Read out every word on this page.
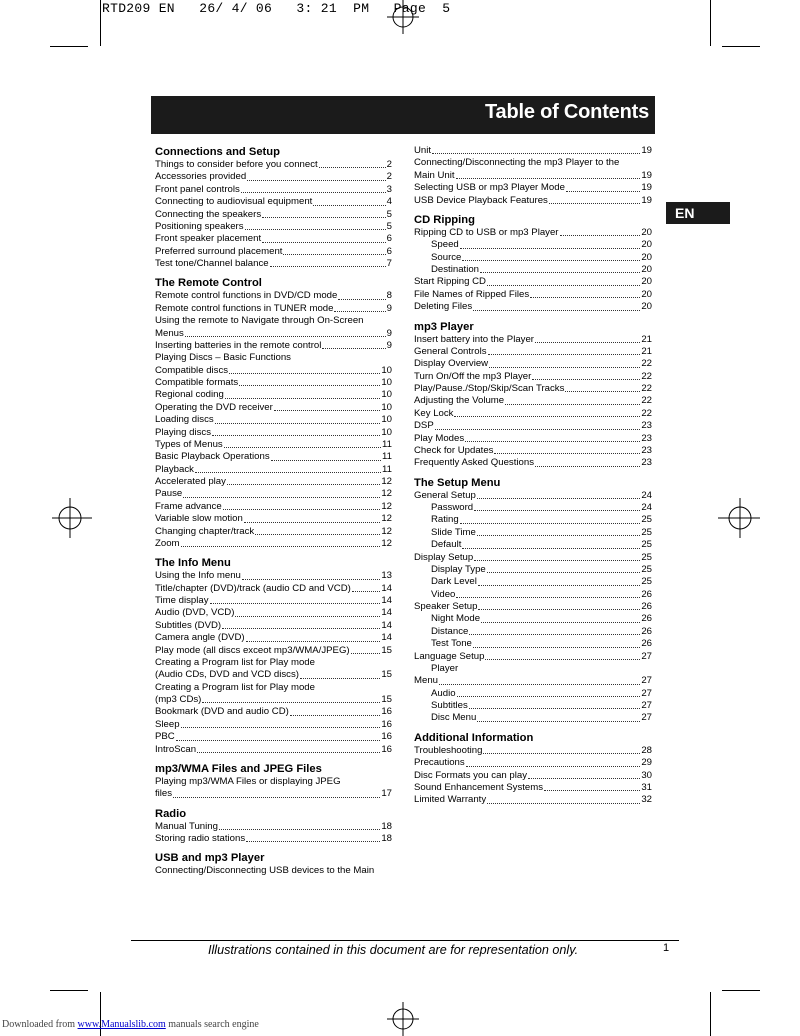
RTD209 EN   26/ 4/ 06   3: 21  PM   Page  5
Table of Contents
Connections and Setup
Things to consider before you connect	2
Accessories provided	2
Front panel controls	3
Connecting to audiovisual equipment	4
Connecting the speakers	5
Positioning speakers	5
Front speaker placement	6
Preferred surround placement	6
Test tone/Channel balance	7
The Remote Control
Remote control functions in DVD/CD mode	8
Remote control functions in TUNER mode	9
Using the remote to Navigate through On-Screen
Menus	9
Inserting batteries in the remote control	9
Playing Discs – Basic Functions
Compatible discs	10
Compatible formats	10
Regional coding	10
Operating the DVD receiver	10
Loading discs	10
Playing discs	10
Types of Menus	11
Basic Playback Operations	11
Playback	11
Accelerated play	12
Pause	12
Frame advance	12
Variable slow motion	12
Changing chapter/track	12
Zoom	12
The Info Menu
Using the Info menu	13
Title/chapter (DVD)/track (audio CD and VCD)	14
Time display	14
Audio (DVD, VCD)	14
Subtitles (DVD)	14
Camera angle (DVD)	14
Play mode (all discs exceot mp3/WMA/JPEG)	15
Creating a Program list for Play mode
(Audio CDs, DVD and VCD discs)	15
Creating a Program list for Play mode
(mp3 CDs)	15
Bookmark (DVD and audio CD)	16
Sleep	16
PBC	16
IntroScan	16
mp3/WMA Files and JPEG Files
Playing mp3/WMA Files or displaying JPEG
files	17
Radio
Manual Tuning	18
Storing radio stations	18
USB and mp3 Player
Connecting/Disconnecting USB devices to the Main
Unit	19
Connecting/Disconnecting the mp3 Player to the
Main Unit	19
Selecting USB or mp3 Player Mode	19
USB Device Playback Features	19
CD Ripping
Ripping CD to USB or mp3 Player	20
Speed	20
Source	20
Destination	20
Start Ripping CD	20
File Names of Ripped Files	20
Deleting Files	20
mp3 Player
Insert battery into the Player	21
General Controls	21
Display Overview	22
Turn On/Off the mp3 Player	22
Play/Pause./Stop/Skip/Scan Tracks	22
Adjusting the Volume	22
Key Lock	22
DSP	23
Play Modes	23
Check for Updates	23
Frequently Asked Questions	23
The Setup Menu
General Setup	24
Password	24
Rating	25
Slide Time	25
Default	25
Display Setup	25
Display Type	25
Dark Level	25
Video	26
Speaker Setup	26
Night Mode	26
Distance	26
Test Tone	26
Language Setup	27
Player
Menu	27
Audio	27
Subtitles	27
Disc Menu	27
Additional Information
Troubleshooting	28
Precautions	29
Disc Formats you can play	30
Sound Enhancement Systems	31
Limited Warranty	32
EN
Illustrations contained in this document are for representation only.	1
Downloaded from www.Manualslib.com manuals search engine
